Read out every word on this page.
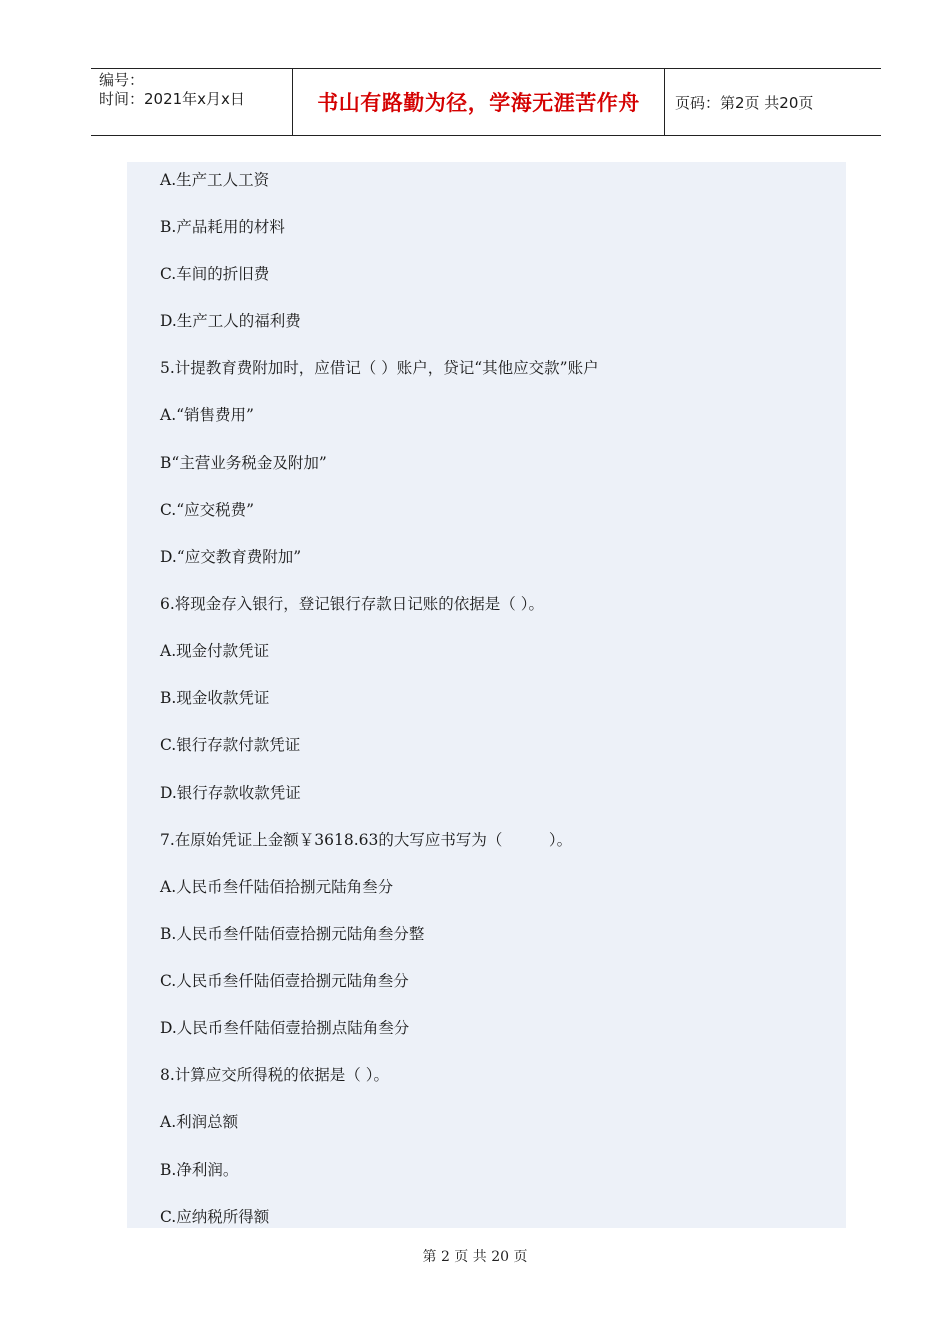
编号：
时间：2021年x月x日	书山有路勤为径，学海无涯苦作舟	页码：第2页 共20页
A.生产工人工资
B.产品耗用的材料
C.车间的折旧费
D.生产工人的福利费
5.计提教育费附加时，应借记（ ）账户，贷记“其他应交款”账户
A.“销售费用”
B“主营业务税金及附加”
C.“应交税费”
D.“应交教育费附加”
6.将现金存入银行，登记银行存款日记账的依据是（ ）。
A.现金付款凭证
B.现金收款凭证
C.银行存款付款凭证
D.银行存款收款凭证
7.在原始凭证上金额￥3618.63的大写应书写为（　　　）。
A.人民币叁仟陆佰拾捌元陆角叁分
B.人民币叁仟陆佰壹拾捌元陆角叁分整
C.人民币叁仟陆佰壹拾捌元陆角叁分
D.人民币叁仟陆佰壹拾捌点陆角叁分
8.计算应交所得税的依据是（ ）。
A.利润总额
B.净利润。
C.应纳税所得额
第 2 页 共 20 页
